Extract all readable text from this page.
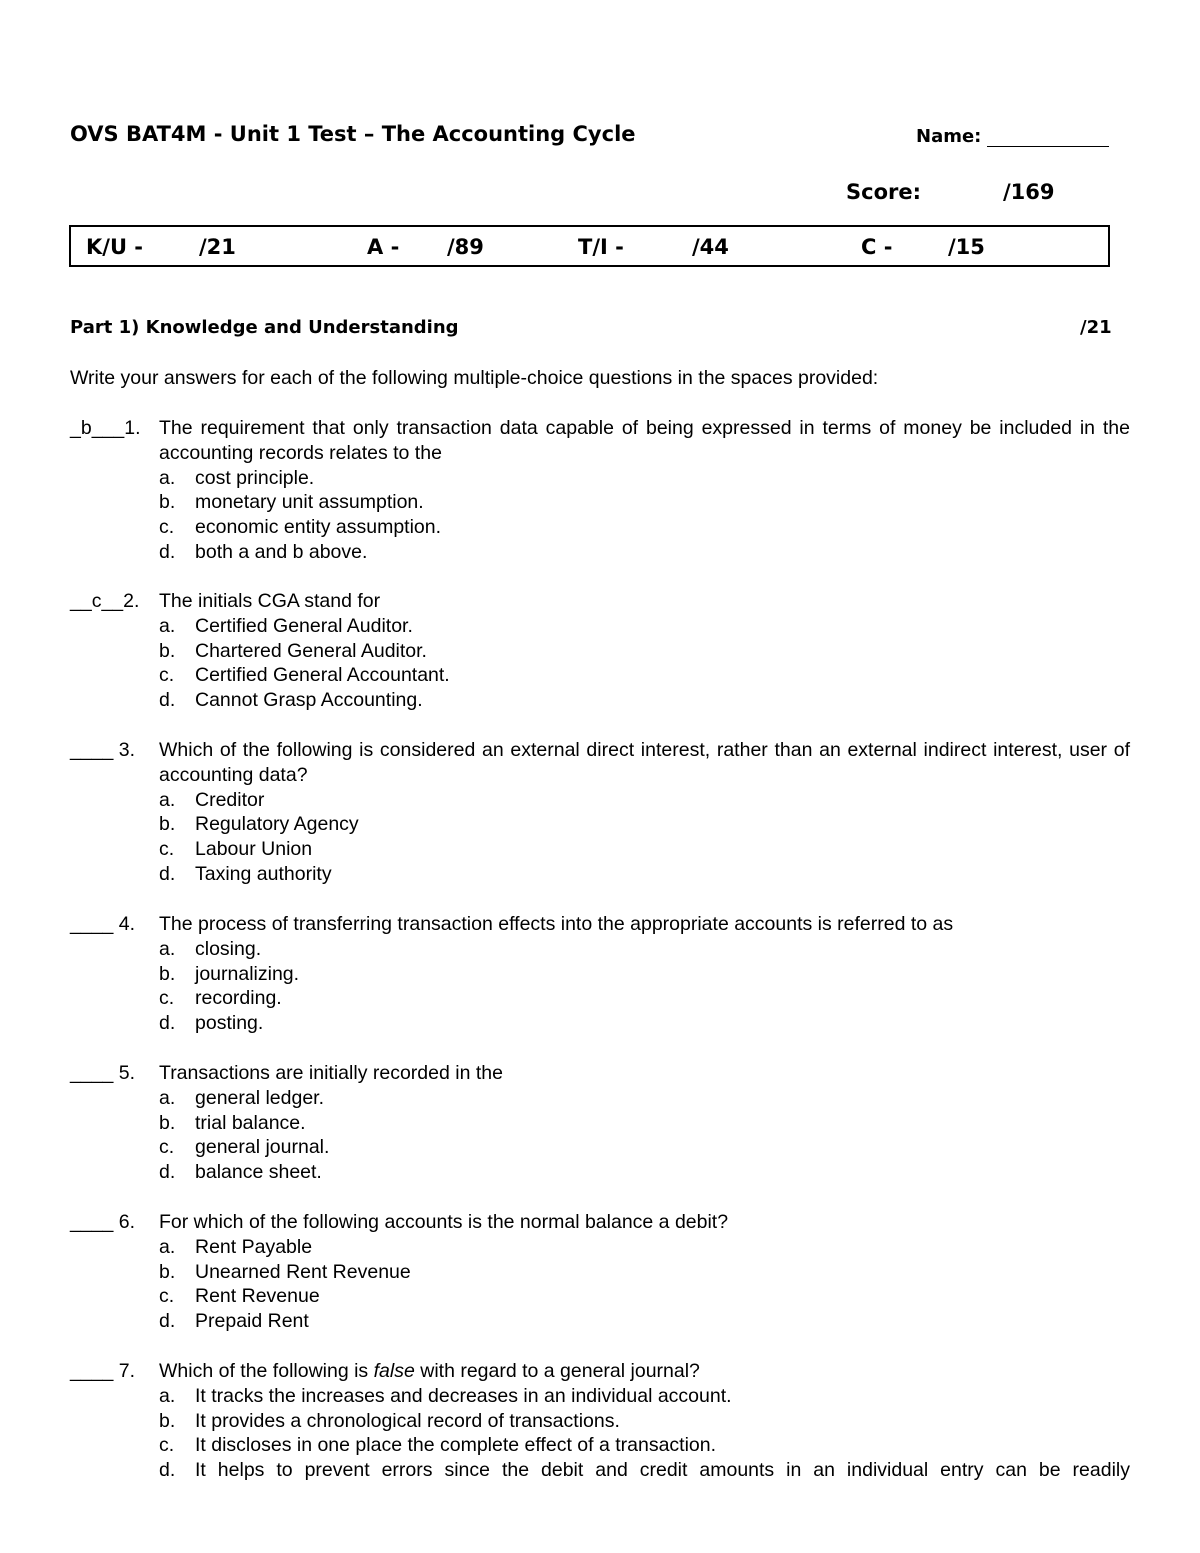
OVS BAT4M - Unit 1 Test – The Accounting Cycle	Name:
Score:	/169
K/U -	/21	A - /89	T/I -	/44	C -	/15
Part 1) Knowledge and Understanding	/21
Write your answers for each of the following multiple-choice questions in the spaces provided:
_b___1. The requirement that only transaction data capable of being expressed in terms of money be included in the accounting records relates to the
a. cost principle.
b. monetary unit assumption.
c. economic entity assumption.
d. both a and b above.
__c__2. The initials CGA stand for
a. Certified General Auditor.
b. Chartered General Auditor.
c. Certified General Accountant.
d. Cannot Grasp Accounting.
____ 3. Which of the following is considered an external direct interest, rather than an external indirect interest, user of accounting data?
a. Creditor
b. Regulatory Agency
c. Labour Union
d. Taxing authority
____ 4. The process of transferring transaction effects into the appropriate accounts is referred to as
a. closing.
b. journalizing.
c. recording.
d. posting.
____ 5. Transactions are initially recorded in the
a. general ledger.
b. trial balance.
c. general journal.
d. balance sheet.
____ 6. For which of the following accounts is the normal balance a debit?
a. Rent Payable
b. Unearned Rent Revenue
c. Rent Revenue
d. Prepaid Rent
____ 7. Which of the following is false with regard to a general journal?
a. It tracks the increases and decreases in an individual account.
b. It provides a chronological record of transactions.
c. It discloses in one place the complete effect of a transaction.
d. It helps to prevent errors since the debit and credit amounts in an individual entry can be readily
